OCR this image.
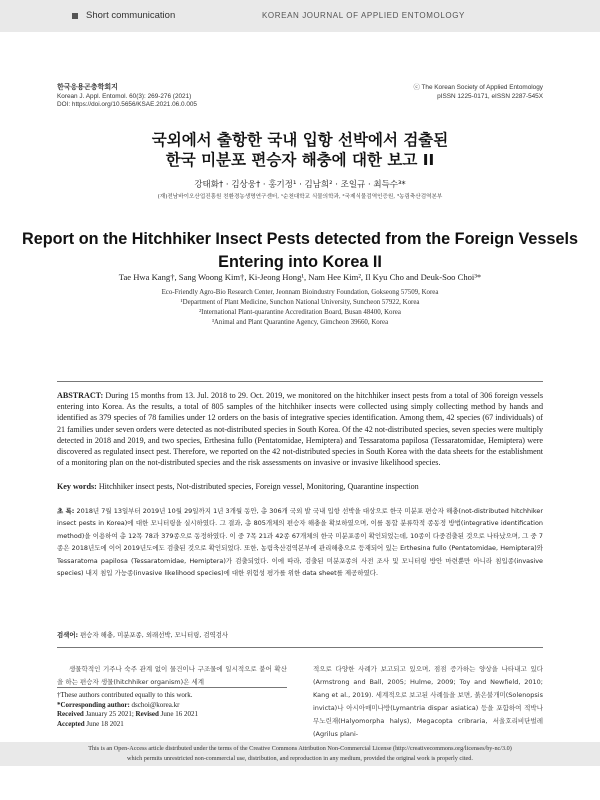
Short communication	KOREAN JOURNAL OF APPLIED ENTOMOLOGY
한국응용곤충학회지
Korean J. Appl. Entomol. 60(3): 269-276 (2021)
DOI: https://doi.org/10.5656/KSAE.2021.06.0.005
ⓒ The Korean Society of Applied Entomology
pISSN 1225-0171, eISSN 2287-545X
국외에서 출항한 국내 입항 선박에서 검출된
한국 미분포 편승자 해충에 대한 보고 II
강태화† · 김상웅† · 홍기정¹ · 김남희² · 조일규 · 최득수³*
(재)전남바이오산업진흥원 친환경농생명연구센터, ¹순천대학교 식물의학과, ²국제식물검역인증원, ³농림축산검역본부
Report on the Hitchhiker Insect Pests detected from the Foreign Vessels
Entering into Korea II
Tae Hwa Kang†, Sang Woong Kim†, Ki-Jeong Hong¹, Nam Hee Kim², Il Kyu Cho and Deuk-Soo Choi³*
Eco-Friendly Agro-Bio Research Center, Jeonnam Bioindustry Foundation, Gokseong 57509, Korea
¹Department of Plant Medicine, Sunchon National University, Suncheon 57922, Korea
²International Plant-quarantine Accreditation Board, Busan 48400, Korea
³Animal and Plant Quarantine Agency, Gimcheon 39660, Korea
ABSTRACT: During 15 months from 13. Jul. 2018 to 29. Oct. 2019, we monitored on the hitchhiker insect pests from a total of 306 foreign vessels entering into Korea. As the results, a total of 805 samples of the hitchhiker insects were collected using simply collecting method by hands and identified as 379 species of 78 families under 12 orders on the basis of integrative species identification. Among them, 42 species (67 individuals) of 21 families under seven orders were detected as not-distributed species in South Korea. Of the 42 not-distributed species, seven species were multiply detected in 2018 and 2019, and two species, Erthesina fullo (Pentatomidae, Hemiptera) and Tessaratoma papilosa (Tessaratomidae, Hemiptera) were discovered as regulated insect pest. Therefore, we reported on the 42 not-distributed species in South Korea with the data sheets for the establishment of a monitoring plan on the not-distributed species and the risk assessments on invasive or invasive likelihood species.
Key words: Hitchhiker insect pests, Not-distributed species, Foreign vessel, Monitoring, Quarantine inspection
초 록: 2018년 7월 13일부터 2019년 10월 29일까지 1년 3개월 동안, 총 306개 국외 발 국내 입항 선박을 대상으로 한국 미분포 편승자 해충(not-distributed hitchhiker insect pests in Korea)에 대한 모니터링을 실시하였다. 그 결과, 총 805개체의 편승자 해충을 확보하였으며, 이를 통합 분류학적 종동정 방법(integrative identification method)을 이용하여 총 12목 78과 379종으로 동정하였다. 이 중 7목 21과 42종 67개체의 한국 미분포종이 확인되었는데, 10종이 다중검출된 것으로 나타났으며, 그 중 7종은 2018년도에 이어 2019년도에도 검출된 것으로 확인되었다. 또한, 농림축산검역본부에 관리해충으로 등재되어 있는 Erthesina fullo (Pentatomidae, Hemiptera)와 Tessaratoma papilosa (Tessaratomidae, Hemiptera)가 검출되었다. 이에 따라, 검출된 미분포종의 사전 조사 및 모니터링 방안 마련뿐만 아니라 침입종(invasive species) 내지 침입 가능종(invasive likelihood species)에 대한 위험성 평가를 위한 data sheet를 제공하였다.
검색어: 편승자 해충, 미분포종, 외래선박, 모니터링, 검역검사
생물학적인 기주나 숙주 관계 없이 물건이나 구조물에 일시적으로 붙어 확산을 하는 편승자 생물(hitchhiker organism)은 세계
적으로 다양한 사례가 보고되고 있으며, 점점 증가하는 양상을 나타내고 있다(Armstrong and Ball, 2005; Hulme, 2009; Toy and Newfield, 2010; Kang et al., 2019). 세계적으로 보고된 사례들을 보면, 붉은불개미(Solenopsis invicta)나 아시아매미나방(Lymantria dispar asiatica) 등을 포함하여 적박나무노린재(Halyomorpha halys), Megacopta cribraria, 서울호리비단벌레(Agrilus plani-
†These authors contributed equally to this work.
*Corresponding author: dschoi@korea.kr
Received January 25 2021; Revised June 16 2021
Accepted June 18 2021
This is an Open-Access article distributed under the terms of the Creative Commons Attribution Non-Commercial License (http://creativecommons.org/licenses/by-nc/3.0)
which permits unrestricted non-commercial use, distribution, and reproduction in any medium, provided the original work is properly cited.
